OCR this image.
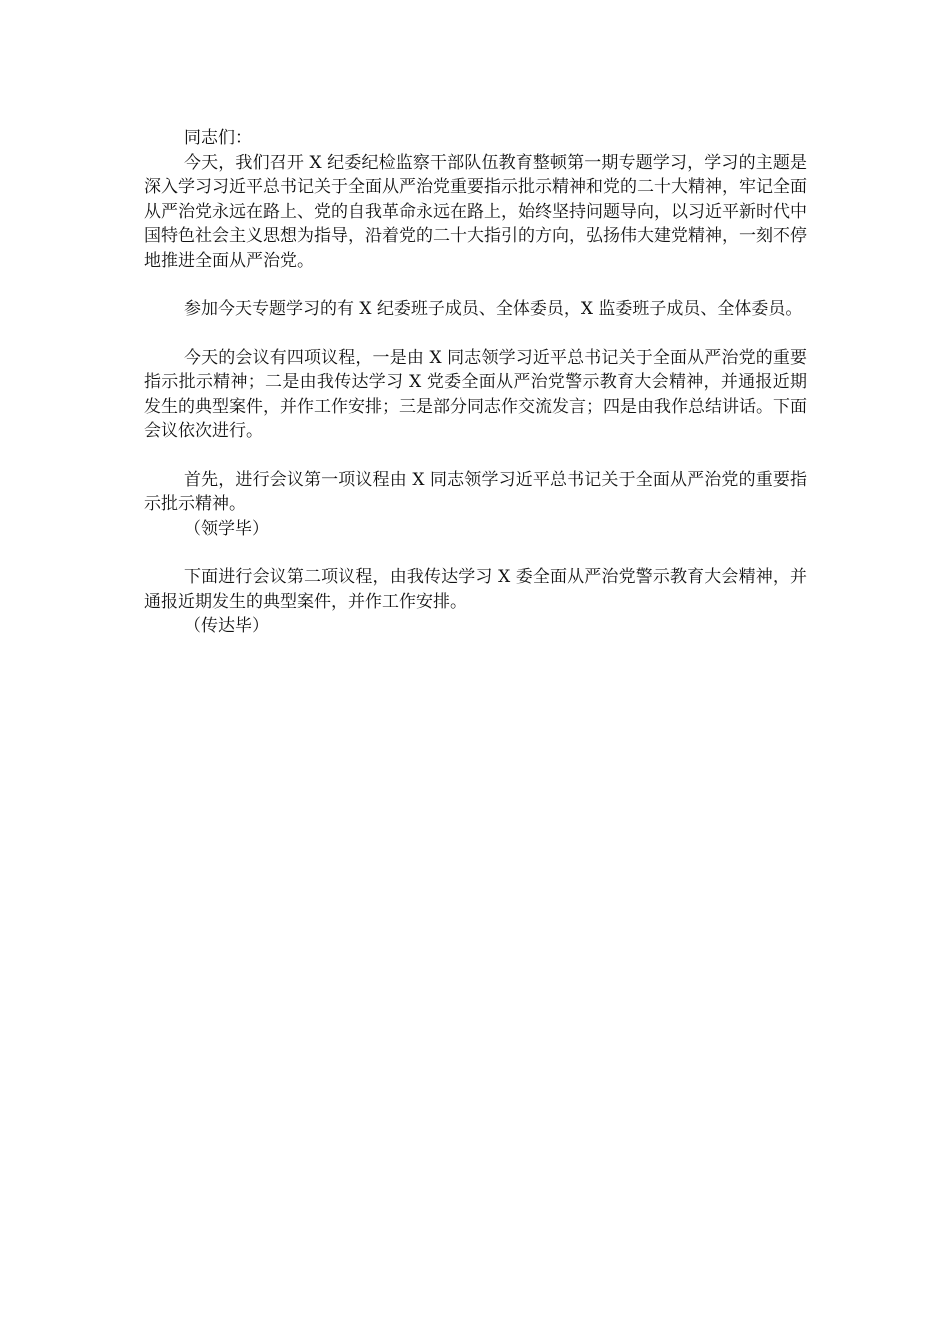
同志们：

今天，我们召开 X 纪委纪检监察干部队伍教育整顿第一期专题学习，学习的主题是深入学习习近平总书记关于全面从严治党重要指示批示精神和党的二十大精神，牢记全面从严治党永远在路上、党的自我革命永远在路上，始终坚持问题导向，以习近平新时代中国特色社会主义思想为指导，沿着党的二十大指引的方向，弘扬伟大建党精神，一刻不停地推进全面从严治党。

参加今天专题学习的有 X 纪委班子成员、全体委员，X 监委班子成员、全体委员。

今天的会议有四项议程，一是由 X 同志领学习近平总书记关于全面从严治党的重要指示批示精神；二是由我传达学习 X 党委全面从严治党警示教育大会精神，并通报近期发生的典型案件，并作工作安排；三是部分同志作交流发言；四是由我作总结讲话。下面会议依次进行。

首先，进行会议第一项议程由 X 同志领学习近平总书记关于全面从严治党的重要指示批示精神。

（领学毕）

下面进行会议第二项议程，由我传达学习 X 委全面从严治党警示教育大会精神，并通报近期发生的典型案件，并作工作安排。

（传达毕）
